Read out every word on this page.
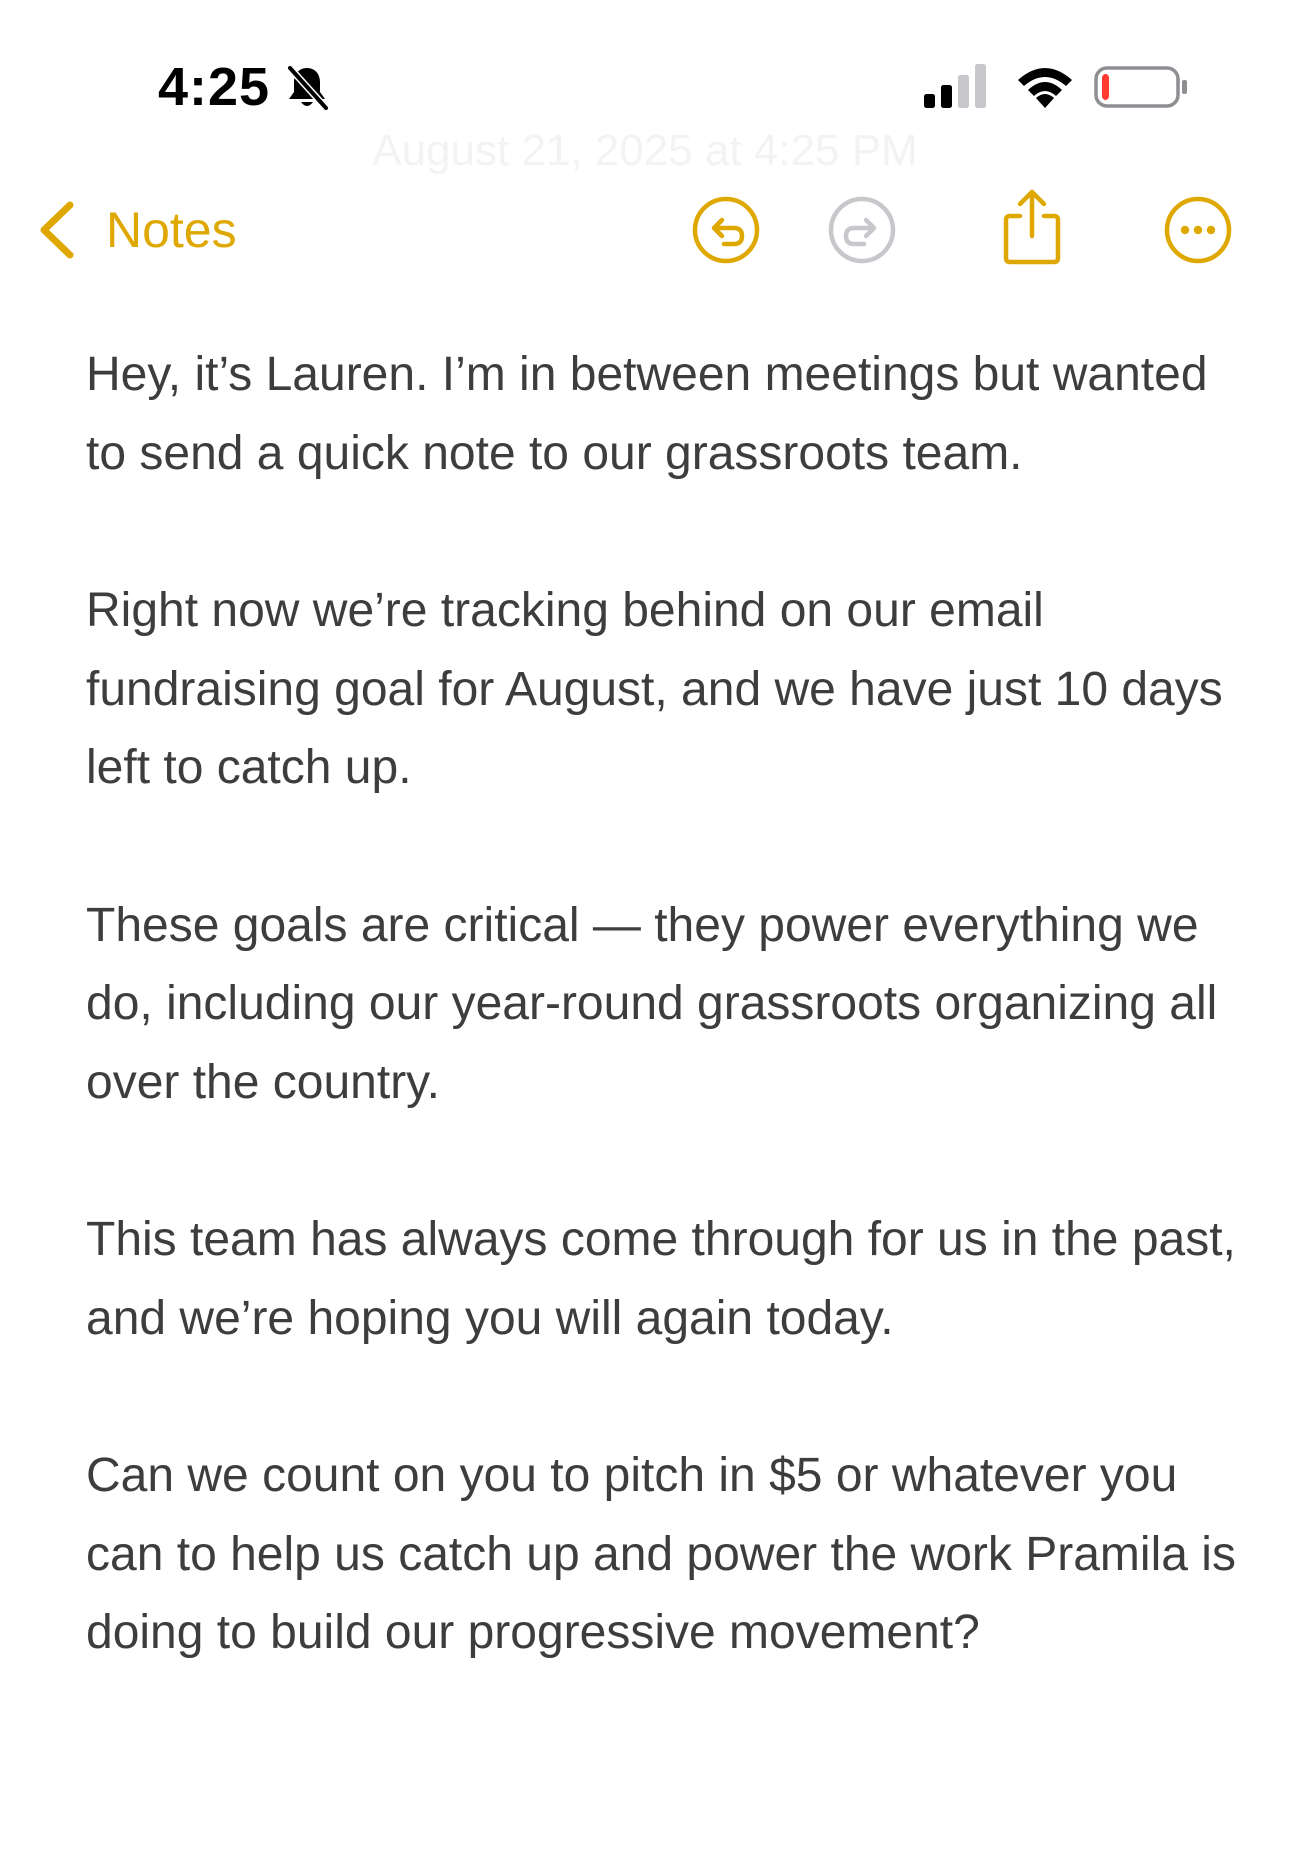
4:25
August 21, 2025 at 4:25 PM
Notes

Hey, it’s Lauren. I’m in between meetings but wanted to send a quick note to our grassroots team.

Right now we’re tracking behind on our email fundraising goal for August, and we have just 10 days left to catch up.

These goals are critical — they power everything we do, including our year-round grassroots organizing all over the country.

This team has always come through for us in the past, and we’re hoping you will again today.

Can we count on you to pitch in $5 or whatever you can to help us catch up and power the work Pramila is doing to build our progressive movement?
